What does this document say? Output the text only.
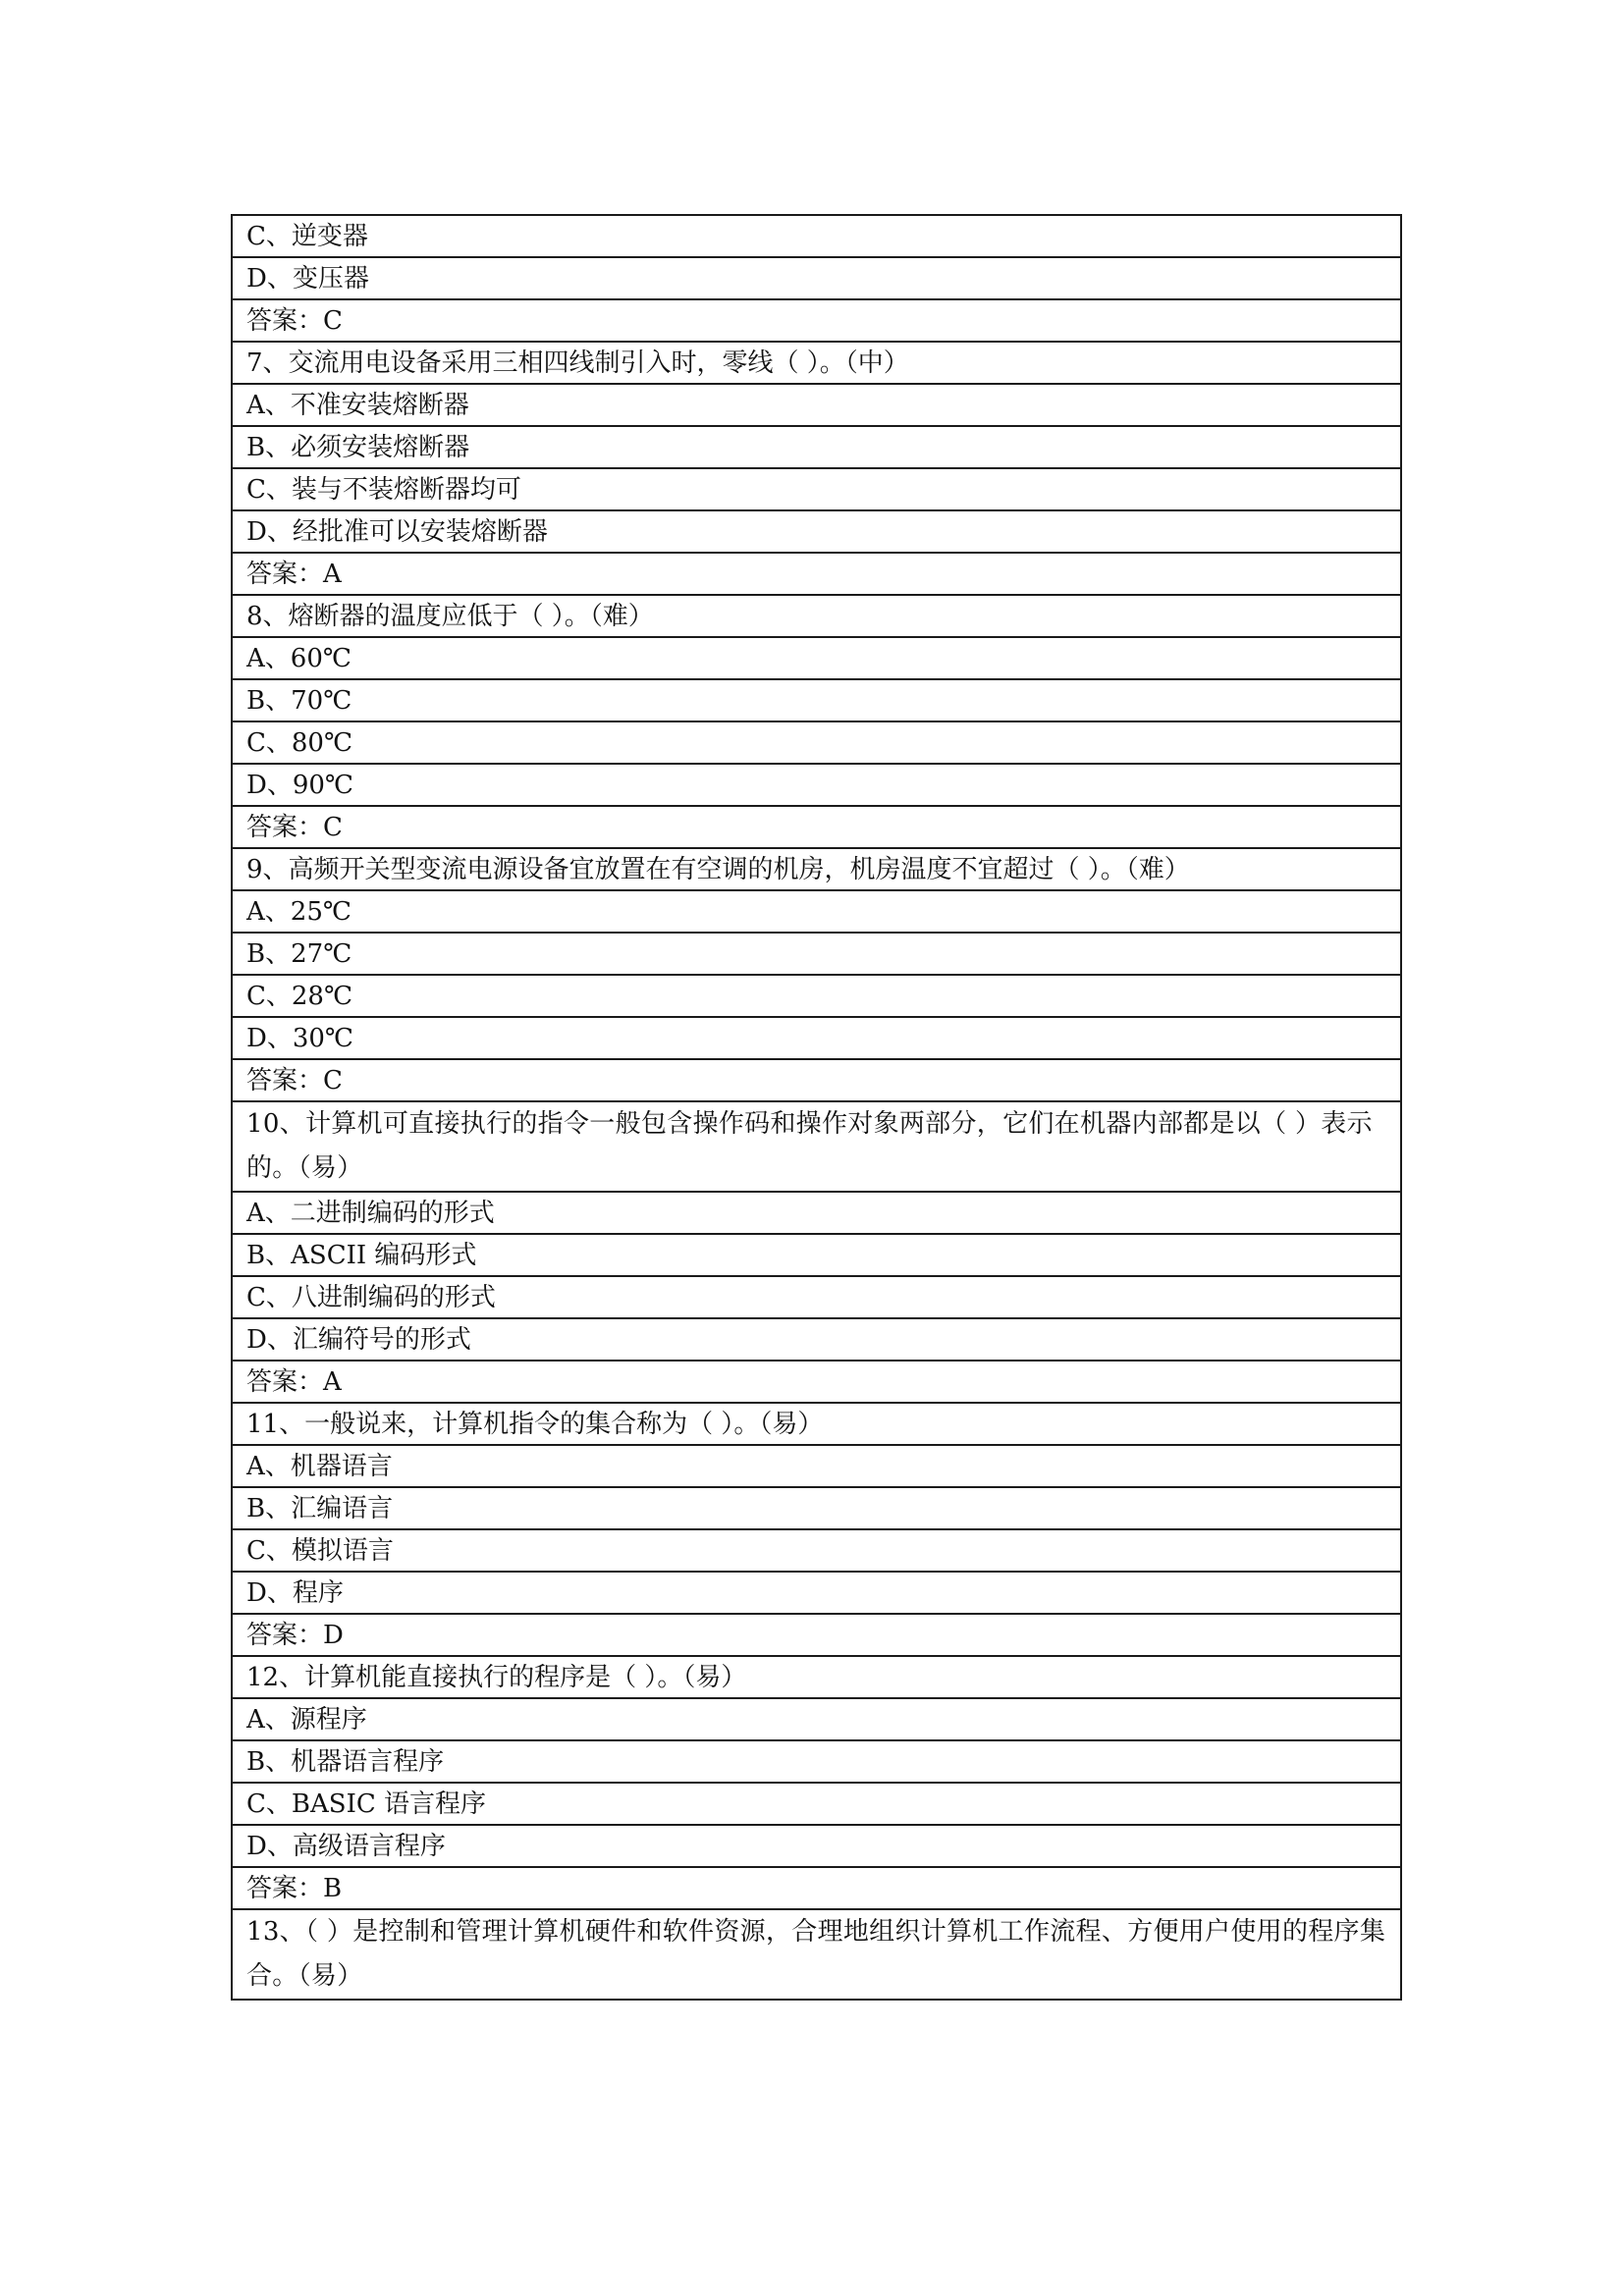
C、逆变器
D、变压器
答案：C
7、交流用电设备采用三相四线制引入时，零线（ ）。（中）
A、不准安装熔断器
B、必须安装熔断器
C、装与不装熔断器均可
D、经批准可以安装熔断器
答案：A
8、熔断器的温度应低于（ ）。（难）
A、60℃
B、70℃
C、80℃
D、90℃
答案：C
9、高频开关型变流电源设备宜放置在有空调的机房，机房温度不宜超过（ ）。（难）
A、25℃
B、27℃
C、28℃
D、30℃
答案：C
10、计算机可直接执行的指令一般包含操作码和操作对象两部分，它们在机器内部都是以（ ）表示的。（易）
A、二进制编码的形式
B、ASCII 编码形式
C、八进制编码的形式
D、汇编符号的形式
答案：A
11、一般说来，计算机指令的集合称为（ ）。（易）
A、机器语言
B、汇编语言
C、模拟语言
D、程序
答案：D
12、计算机能直接执行的程序是（ ）。（易）
A、源程序
B、机器语言程序
C、BASIC 语言程序
D、高级语言程序
答案：B
13、（ ）是控制和管理计算机硬件和软件资源，合理地组织计算机工作流程、方便用户使用的程序集合。（易）
